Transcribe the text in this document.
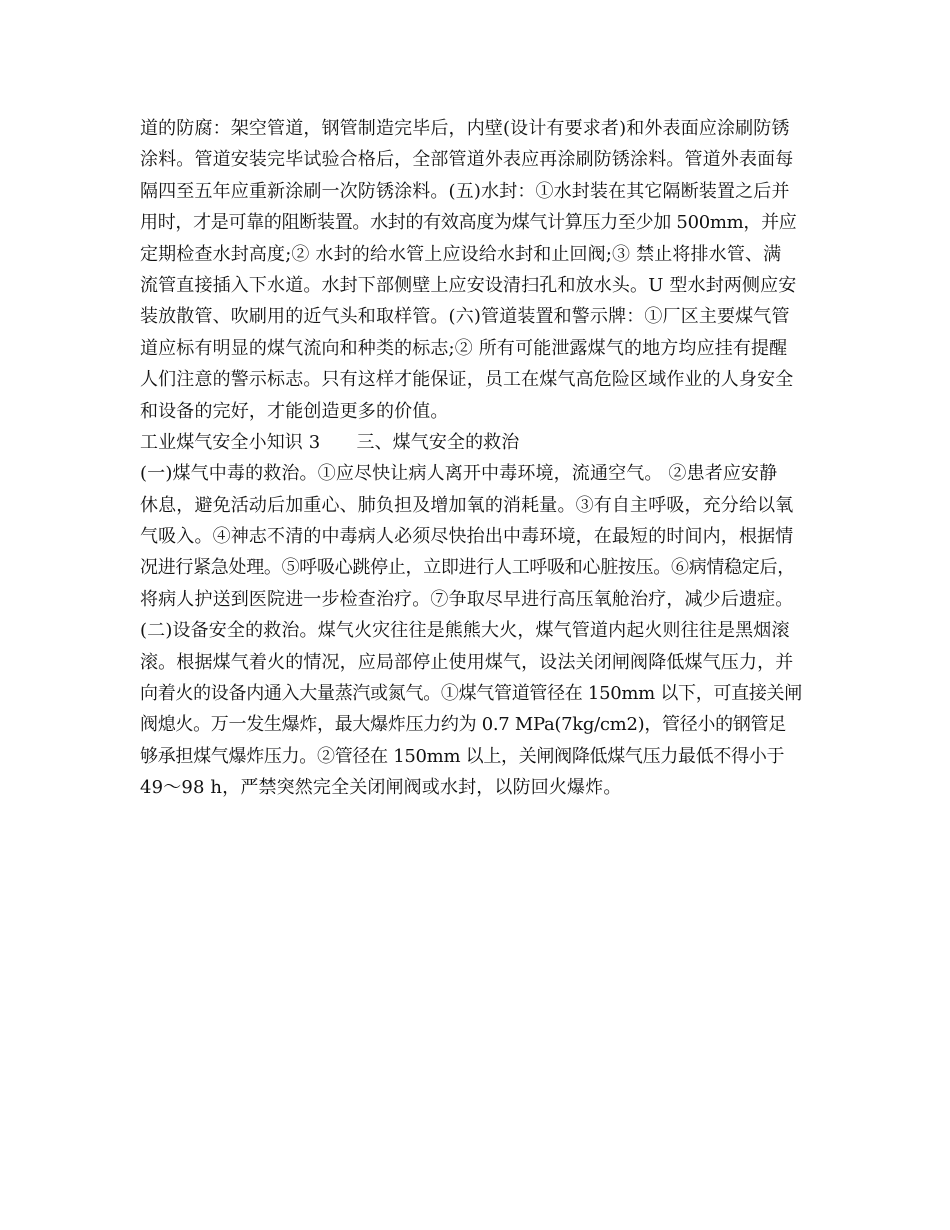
道的防腐：架空管道，钢管制造完毕后，内壁(设计有要求者)和外表面应涂刷防锈
涂料。管道安装完毕试验合格后，全部管道外表应再涂刷防锈涂料。管道外表面每
隔四至五年应重新涂刷一次防锈涂料。(五)水封：①水封装在其它隔断装置之后并
用时，才是可靠的阻断装置。水封的有效高度为煤气计算压力至少加 500mm，并应
定期检查水封高度;② 水封的给水管上应设给水封和止回阀;③ 禁止将排水管、满
流管直接插入下水道。水封下部侧壁上应安设清扫孔和放水头。U 型水封两侧应安
装放散管、吹刷用的近气头和取样管。(六)管道装置和警示牌：①厂区主要煤气管
道应标有明显的煤气流向和种类的标志;② 所有可能泄露煤气的地方均应挂有提醒
人们注意的警示标志。只有这样才能保证，员工在煤气高危险区域作业的人身安全
和设备的完好，才能创造更多的价值。
工业煤气安全小知识 3　　三、煤气安全的救治
(一)煤气中毒的救治。①应尽快让病人离开中毒环境，流通空气。 ②患者应安静
休息，避免活动后加重心、肺负担及增加氧的消耗量。③有自主呼吸，充分给以氧
气吸入。④神志不清的中毒病人必须尽快抬出中毒环境，在最短的时间内，根据情
况进行紧急处理。⑤呼吸心跳停止，立即进行人工呼吸和心脏按压。⑥病情稳定后，
将病人护送到医院进一步检查治疗。⑦争取尽早进行高压氧舱治疗，减少后遗症。
(二)设备安全的救治。煤气火灾往往是熊熊大火，煤气管道内起火则往往是黑烟滚
滚。根据煤气着火的情况，应局部停止使用煤气，设法关闭闸阀降低煤气压力，并
向着火的设备内通入大量蒸汽或氮气。①煤气管道管径在 150mm 以下，可直接关闸
阀熄火。万一发生爆炸，最大爆炸压力约为 0.7 MPa(7kg/cm2)，管径小的钢管足
够承担煤气爆炸压力。②管径在 150mm 以上，关闸阀降低煤气压力最低不得小于
49～98 h，严禁突然完全关闭闸阀或水封，以防回火爆炸。
